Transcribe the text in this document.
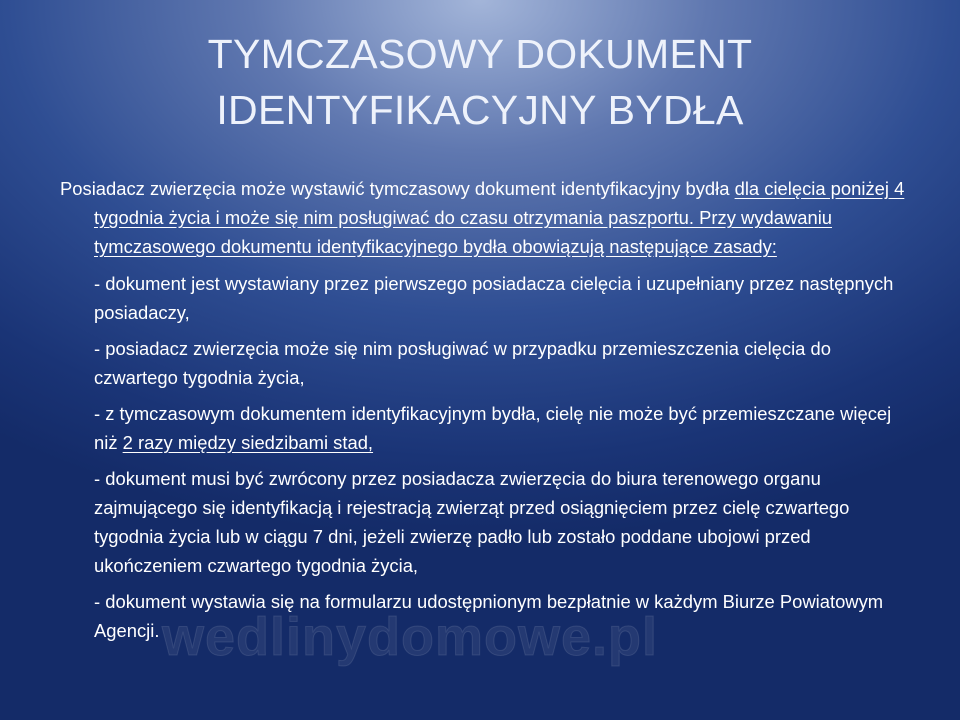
TYMCZASOWY DOKUMENT
IDENTYFIKACYJNY BYDŁA

Posiadacz zwierzęcia może wystawić tymczasowy dokument identyfikacyjny bydła dla cielęcia poniżej 4 tygodnia życia i może się nim posługiwać do czasu otrzymania paszportu. Przy wydawaniu tymczasowego dokumentu identyfikacyjnego bydła obowiązują następujące zasady:

- dokument jest wystawiany przez pierwszego posiadacza cielęcia i uzupełniany przez następnych posiadaczy,

- posiadacz zwierzęcia może się nim posługiwać w przypadku przemieszczenia cielęcia do czwartego tygodnia życia,

- z tymczasowym dokumentem identyfikacyjnym bydła, cielę nie może być przemieszczane więcej niż 2 razy między siedzibami stad,

- dokument musi być zwrócony przez posiadacza zwierzęcia do biura terenowego organu zajmującego się identyfikacją i rejestracją zwierząt przed osiągnięciem przez cielę czwartego tygodnia życia lub w ciągu 7 dni, jeżeli zwierzę padło lub zostało poddane ubojowi przed ukończeniem czwartego tygodnia życia,

- dokument wystawia się na formularzu udostępnionym bezpłatnie w każdym Biurze Powiatowym Agencji. wedlinydomowe.pl
